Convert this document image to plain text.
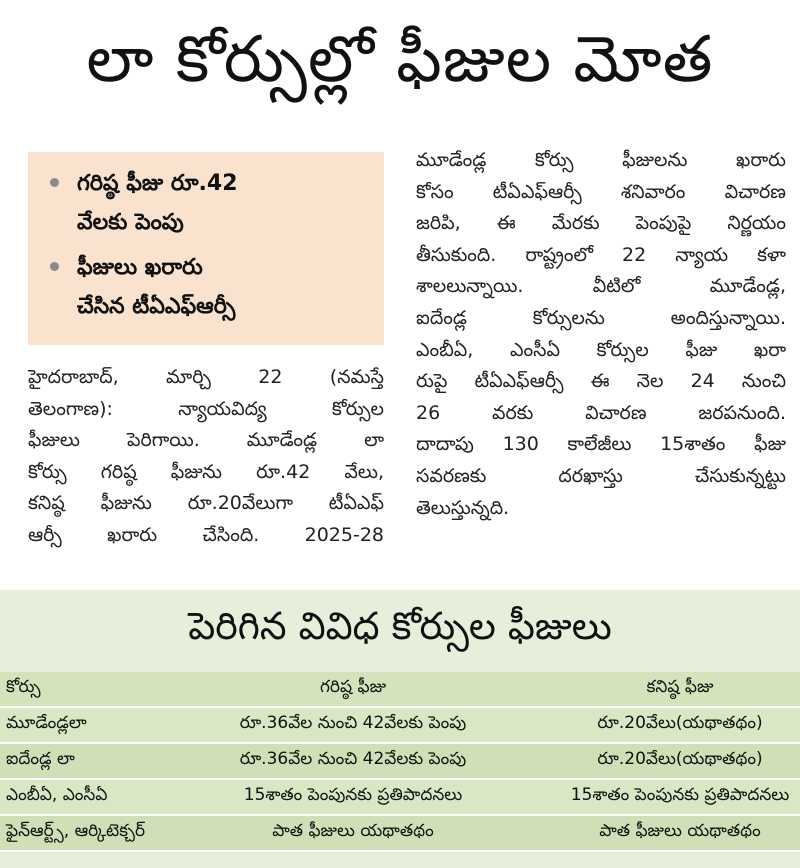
లా కోర్సుల్లో ఫీజుల మోత
గరిష్ఠ ఫీజు రూ.42
వేలకు పెంపు
ఫీజులు ఖరారు
చేసిన టీఏఎఫ్‌ఆర్సీ
హైదరాబాద్‌, మార్చి 22 (నమస్తే
తెలంగాణ): న్యాయవిద్య కోర్సుల
ఫీజులు పెరిగాయి. మూడేండ్ల లా
కోర్సు గరిష్ఠ ఫీజును రూ.42 వేలు,
కనిష్ఠ ఫీజును రూ.20వేలుగా టీఏఎఫ్‌
ఆర్సీ ఖరారు చేసింది. 2025-28
మూడేండ్ల కోర్సు ఫీజులను ఖరారు
కోసం టీఏఎఫ్‌ఆర్సీ శనివారం విచారణ
జరిపి, ఈ మేరకు పెంపుపై నిర్ణయం
తీసుకుంది. రాష్ట్రంలో 22 న్యాయ కళా
శాలలున్నాయి. వీటిలో మూడేండ్ల,
ఐదేండ్ల కోర్సులను అందిస్తున్నాయి.
ఎంబీఏ, ఎంసీఏ కోర్సుల ఫీజు ఖరా
రుపై టీఏఎఫ్‌ఆర్సీ ఈ నెల 24 నుంచి
26 వరకు విచారణ జరపనుంది.
దాదాపు 130 కాలేజీలు 15శాతం ఫీజు
సవరణకు దరఖాస్తు చేసుకున్నట్టు
తెలుస్తున్నది.
పెరిగిన వివిధ కోర్సుల ఫీజులు
కోర్సు	గరిష్ఠ ఫీజు	కనిష్ఠ ఫీజు
మూడేండ్లలా	రూ.36వేల నుంచి 42వేలకు పెంపు	రూ.20వేలు(యథాతథం)
ఐదేండ్ల లా	రూ.36వేల నుంచి 42వేలకు పెంపు	రూ.20వేలు(యథాతథం)
ఎంబీఏ, ఎంసీఏ	15శాతం పెంపునకు ప్రతిపాదనలు	15శాతం పెంపునకు ప్రతిపాదనలు
ఫైన్‌ఆర్ట్స్‌, ఆర్కిటెక్చర్‌	పాత ఫీజులు యథాతథం	పాత ఫీజులు యథాతథం
